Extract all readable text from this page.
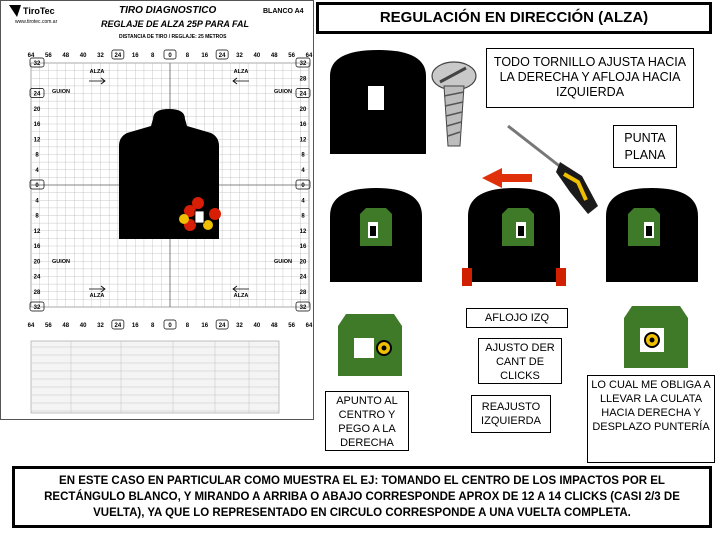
TiroTec
www.tirotec.com.ar
TIRO DIAGNOSTICO
REGLAJE DE ALZA 25P PARA FAL
DISTANCIA DE TIRO / REGLAJE: 25 METROS
BLANCO A4
64 56 48 40 32 24 16 8 0 8 16 24 32 40 48 56 64
64 56 48 40 32 24 16 8 0 8 16 24 32 40 48 56 64
32
24
20
16
12
8
4
0
4
8
12
16
20
24
28
32
32
28
24
20
16
12
8
4
0
4
8
12
16
20
24
28
32
ALZA	ALZA
GUION	GUION
GUION	GUION
ALZA	ALZA
REGULACIÓN EN DIRECCIÓN (ALZA)
TODO TORNILLO AJUSTA HACIA LA DERECHA Y AFLOJA HACIA IZQUIERDA
PUNTA PLANA
AFLOJO IZQ
AJUSTO DER CANT DE CLICKS
REAJUSTO IZQUIERDA
APUNTO AL CENTRO Y PEGO A LA DERECHA
LO CUAL ME OBLIGA A LLEVAR LA CULATA HACIA DERECHA Y DESPLAZO PUNTERÍA
EN ESTE CASO EN PARTICULAR COMO MUESTRA EL EJ: TOMANDO EL CENTRO DE LOS IMPACTOS POR EL RECTÁNGULO BLANCO, Y MIRANDO A ARRIBA O ABAJO CORRESPONDE APROX DE 12 A 14 CLICKS (CASI 2/3 DE VUELTA), YA QUE LO REPRESENTADO EN CIRCULO CORRESPONDE A UNA VUELTA COMPLETA.
